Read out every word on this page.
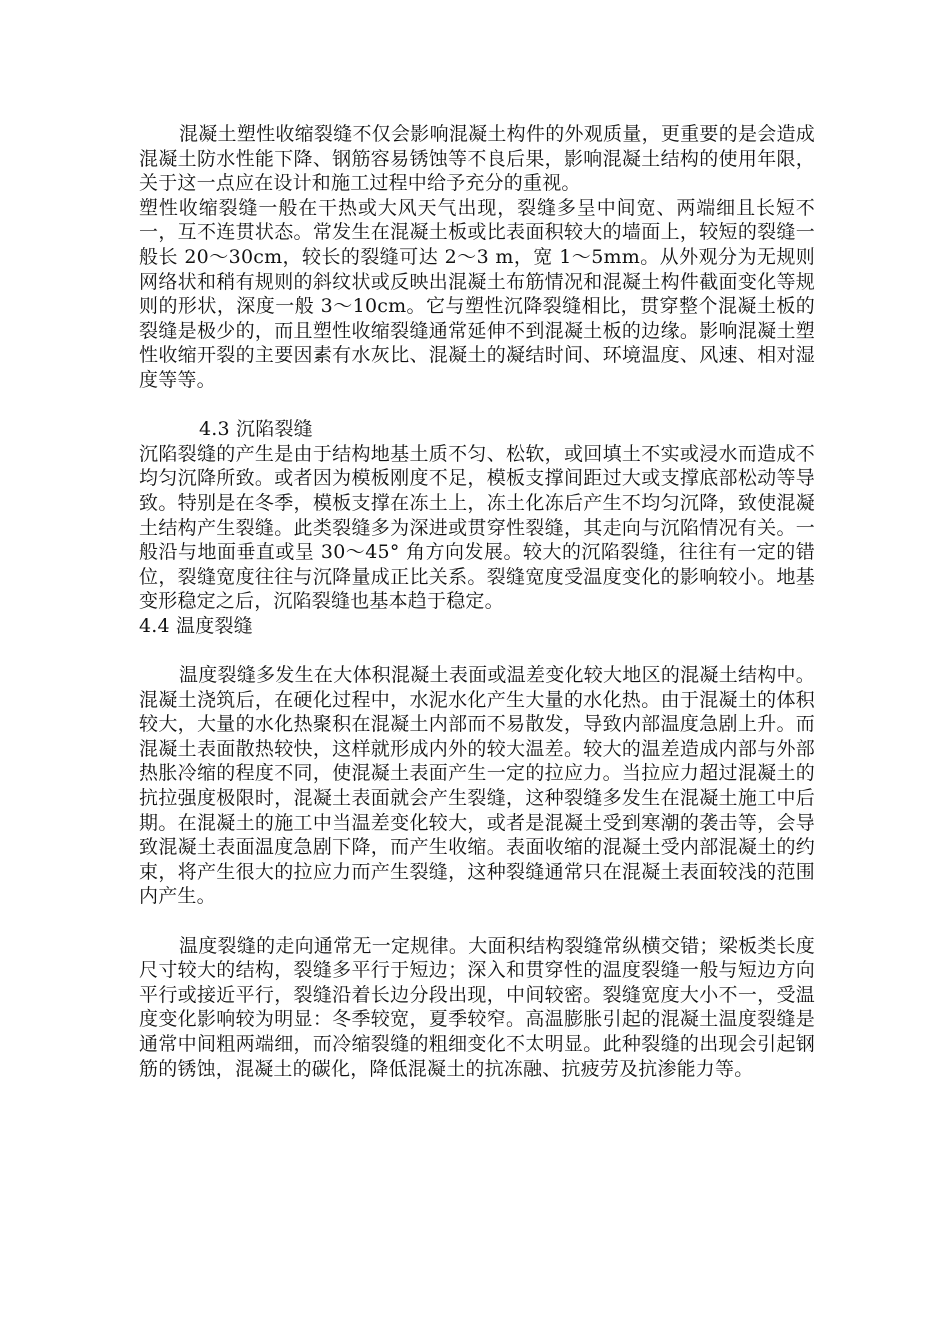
混凝土塑性收缩裂缝不仅会影响混凝土构件的外观质量，更重要的是会造成混凝土防水性能下降、钢筋容易锈蚀等不良后果，影响混凝土结构的使用年限，关于这一点应在设计和施工过程中给予充分的重视。

塑性收缩裂缝一般在干热或大风天气出现，裂缝多呈中间宽、两端细且长短不一，互不连贯状态。常发生在混凝土板或比表面积较大的墙面上，较短的裂缝一般长 20～30cm，较长的裂缝可达 2～3 m，宽 1～5mm。从外观分为无规则网络状和稍有规则的斜纹状或反映出混凝土布筋情况和混凝土构件截面变化等规则的形状，深度一般 3～10cm。它与塑性沉降裂缝相比，贯穿整个混凝土板的裂缝是极少的，而且塑性收缩裂缝通常延伸不到混凝土板的边缘。影响混凝土塑性收缩开裂的主要因素有水灰比、混凝土的凝结时间、环境温度、风速、相对湿度等等。

4.3 沉陷裂缝

沉陷裂缝的产生是由于结构地基土质不匀、松软，或回填土不实或浸水而造成不均匀沉降所致。或者因为模板刚度不足，模板支撑间距过大或支撑底部松动等导致。特别是在冬季，模板支撑在冻土上，冻土化冻后产生不均匀沉降，致使混凝土结构产生裂缝。此类裂缝多为深进或贯穿性裂缝，其走向与沉陷情况有关。一般沿与地面垂直或呈 30～45° 角方向发展。较大的沉陷裂缝，往往有一定的错位，裂缝宽度往往与沉降量成正比关系。裂缝宽度受温度变化的影响较小。地基变形稳定之后，沉陷裂缝也基本趋于稳定。

4.4 温度裂缝

温度裂缝多发生在大体积混凝土表面或温差变化较大地区的混凝土结构中。混凝土浇筑后，在硬化过程中，水泥水化产生大量的水化热。由于混凝土的体积较大，大量的水化热聚积在混凝土内部而不易散发，导致内部温度急剧上升。而混凝土表面散热较快，这样就形成内外的较大温差。较大的温差造成内部与外部热胀冷缩的程度不同，使混凝土表面产生一定的拉应力。当拉应力超过混凝土的抗拉强度极限时，混凝土表面就会产生裂缝，这种裂缝多发生在混凝土施工中后期。在混凝土的施工中当温差变化较大，或者是混凝土受到寒潮的袭击等，会导致混凝土表面温度急剧下降，而产生收缩。表面收缩的混凝土受内部混凝土的约束，将产生很大的拉应力而产生裂缝，这种裂缝通常只在混凝土表面较浅的范围内产生。

温度裂缝的走向通常无一定规律。大面积结构裂缝常纵横交错；梁板类长度尺寸较大的结构，裂缝多平行于短边；深入和贯穿性的温度裂缝一般与短边方向平行或接近平行，裂缝沿着长边分段出现，中间较密。裂缝宽度大小不一，受温度变化影响较为明显：冬季较宽，夏季较窄。高温膨胀引起的混凝土温度裂缝是通常中间粗两端细，而冷缩裂缝的粗细变化不太明显。此种裂缝的出现会引起钢筋的锈蚀，混凝土的碳化，降低混凝土的抗冻融、抗疲劳及抗渗能力等。
